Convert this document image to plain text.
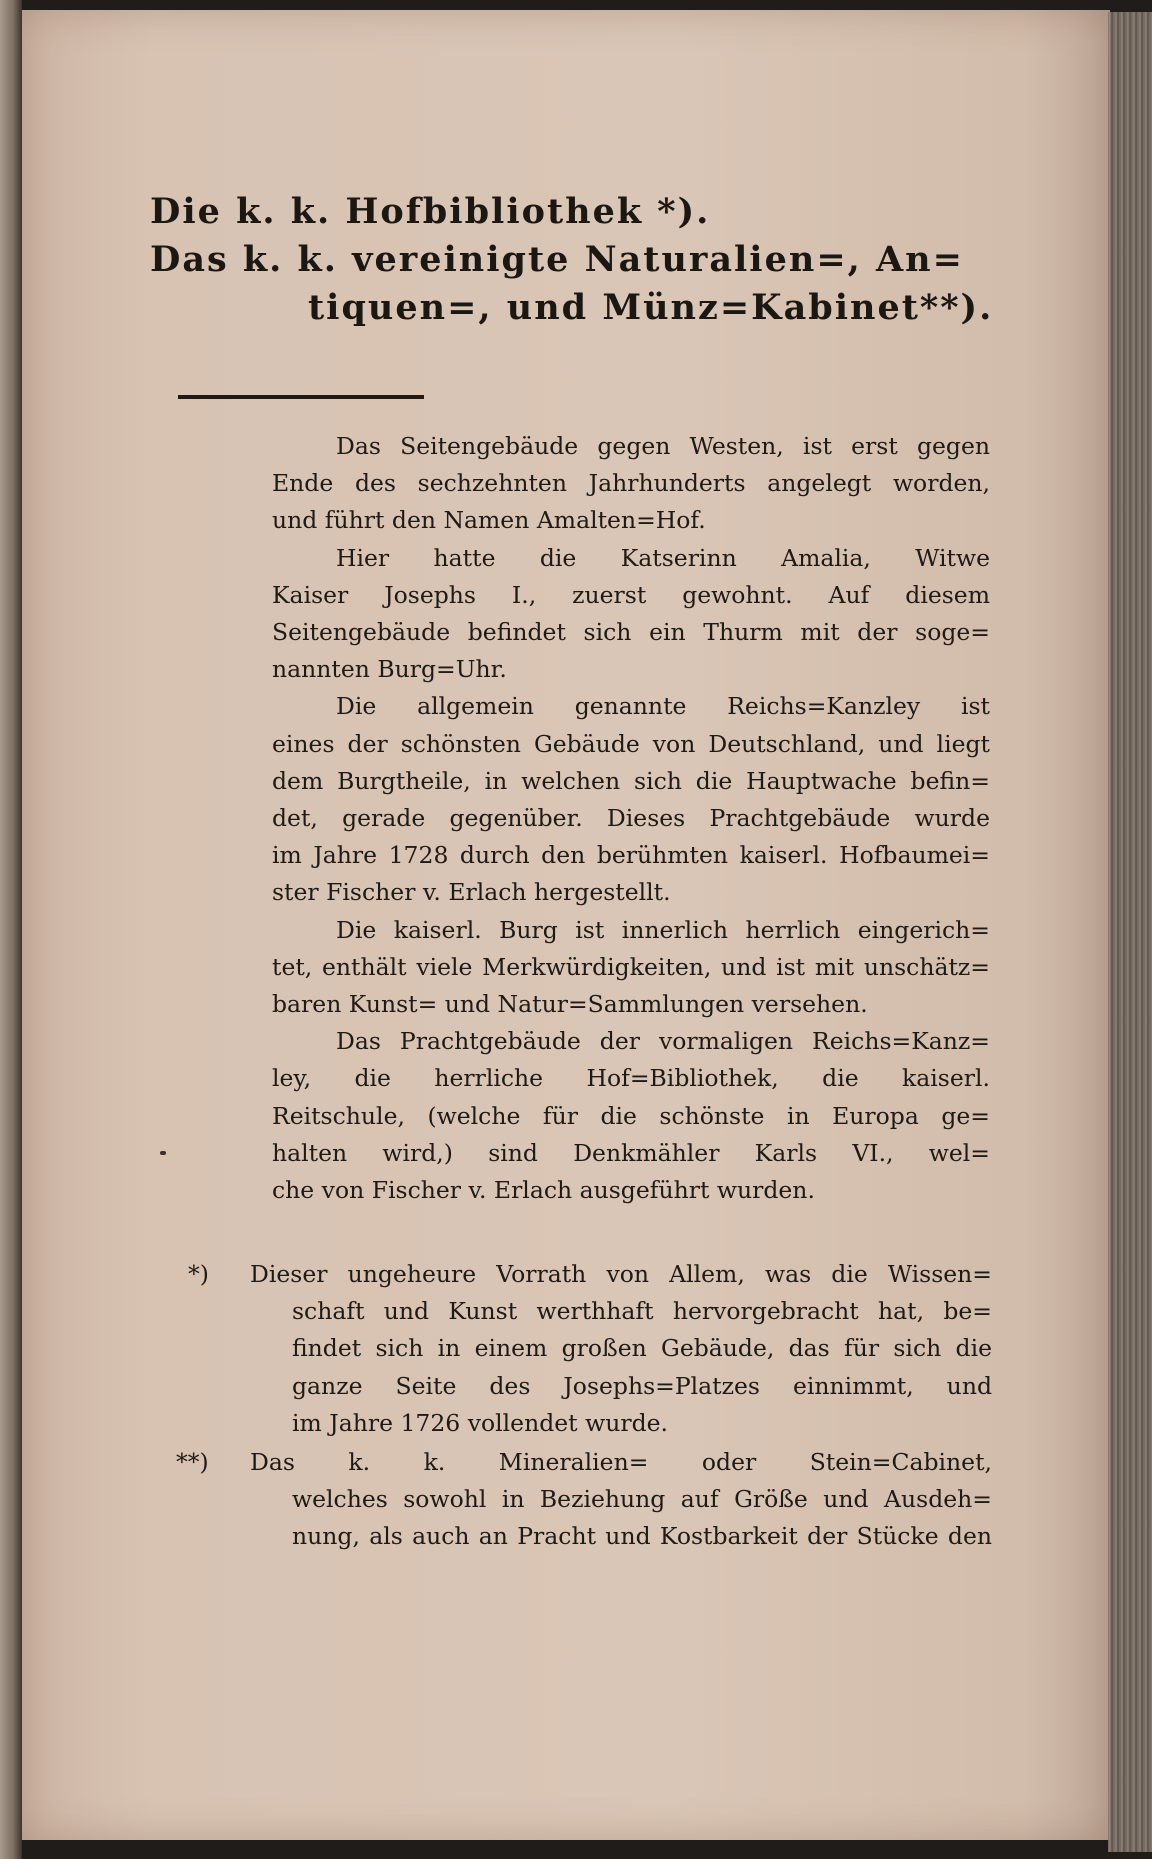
Die k. k. Hofbibliothek *).
Das k. k. vereinigte Naturalien=, An=
tiquen=, und Münz=Kabinet**).
Das Seitengebäude gegen Westen, ist erst gegen
Ende des sechzehnten Jahrhunderts angelegt worden,
und führt den Namen Amalten=Hof.
Hier hatte die Katserinn Amalia, Witwe
Kaiser Josephs I., zuerst gewohnt. Auf diesem
Seitengebäude befindet sich ein Thurm mit der soge=
nannten Burg=Uhr.
Die allgemein genannte Reichs=Kanzley ist
eines der schönsten Gebäude von Deutschland, und liegt
dem Burgtheile, in welchen sich die Hauptwache befin=
det, gerade gegenüber. Dieses Prachtgebäude wurde
im Jahre 1728 durch den berühmten kaiserl. Hofbaumei=
ster Fischer v. Erlach hergestellt.
Die kaiserl. Burg ist innerlich herrlich eingerich=
tet, enthält viele Merkwürdigkeiten, und ist mit unschätz=
baren Kunst= und Natur=Sammlungen versehen.
Das Prachtgebäude der vormaligen Reichs=Kanz=
ley, die herrliche Hof=Bibliothek, die kaiserl.
Reitschule, (welche für die schönste in Europa ge=
halten wird,) sind Denkmähler Karls VI., wel=
che von Fischer v. Erlach ausgeführt wurden.
*)	Dieser ungeheure Vorrath von Allem, was die Wissen=
schaft und Kunst werthhaft hervorgebracht hat, be=
findet sich in einem großen Gebäude, das für sich die
ganze Seite des Josephs=Platzes einnimmt, und
im Jahre 1726 vollendet wurde.
**)	Das k. k. Mineralien= oder Stein=Cabinet,
welches sowohl in Beziehung auf Größe und Ausdeh=
nung, als auch an Pracht und Kostbarkeit der Stücke den
